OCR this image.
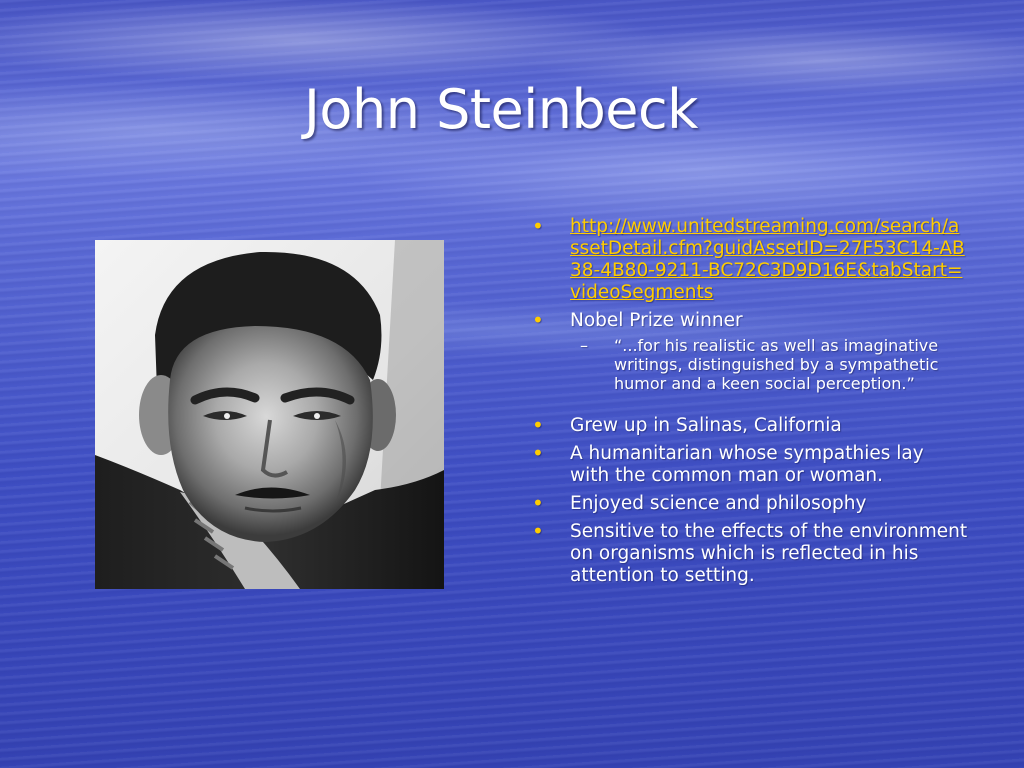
John Steinbeck
• http://www.unitedstreaming.com/search/assetDetail.cfm?guidAssetID=27F53C14-AB38-4B80-9211-BC72C3D9D16E&tabStart=videoSegments
• Nobel Prize winner
– “...for his realistic as well as imaginative writings, distinguished by a sympathetic humor and a keen social perception.”
• Grew up in Salinas, California
• A humanitarian whose sympathies lay with the common man or woman.
• Enjoyed science and philosophy
• Sensitive to the effects of the environment on organisms which is reflected in his attention to setting.
